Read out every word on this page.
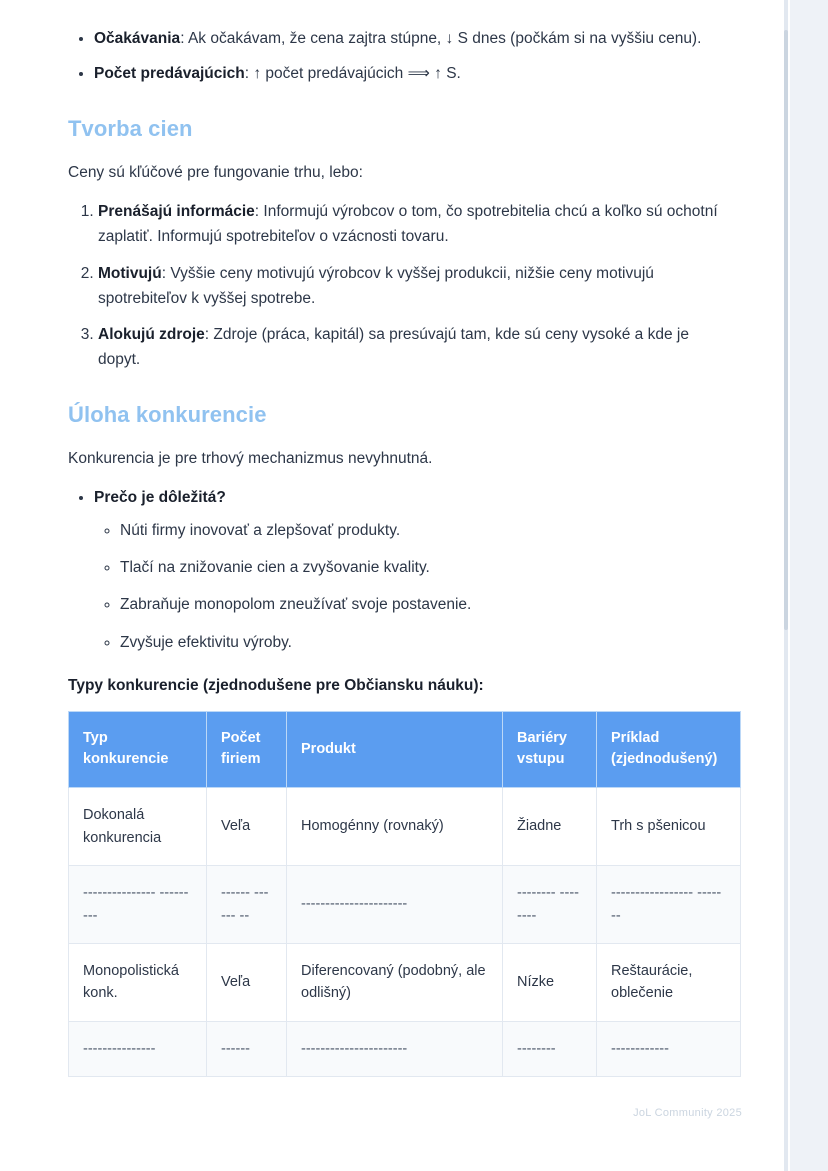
• Očakávania: Ak očakávam, že cena zajtra stúpne, ↓ S dnes (počkám si na vyššiu cenu).
• Počet predávajúcich: ↑ počet predávajúcich ⟹ ↑ S.
Tvorba cien

Ceny sú kľúčové pre fungovanie trhu, lebo:

1. Prenášajú informácie: Informujú výrobcov o tom, čo spotrebitelia chcú a koľko sú ochotní zaplatiť. Informujú spotrebiteľov o vzácnosti tovaru.
2. Motivujú: Vyššie ceny motivujú výrobcov k vyššej produkcii, nižšie ceny motivujú spotrebiteľov k vyššej spotrebe.
3. Alokujú zdroje: Zdroje (práca, kapitál) sa presúvajú tam, kde sú ceny vysoké a kde je dopyt.
Úloha konkurencie

Konkurencia je pre trhový mechanizmus nevyhnutná.

• Prečo je dôležitá?
◦ Núti firmy inovovať a zlepšovať produkty.
◦ Tlačí na znižovanie cien a zvyšovanie kvality.
◦ Zabraňuje monopolom zneužívať svoje postavenie.
◦ Zvyšuje efektivitu výroby.

Typy konkurencie (zjednodušene pre Občiansku náuku):

Typ konkurencie	Počet firiem	Produkt	Bariéry vstupu	Príklad (zjednodušený)
Dokonalá konkurencia	Veľa	Homogénny (rovnaký)	Žiadne	Trh s pšenicou
--------------- ---------	------ ------ --	----------------------	-------- --------	----------------- -------
Monopolistická konk.	Veľa	Diferencovaný (podobný, ale odlišný)	Nízke	Reštaurácie, oblečenie
---------------	------	----------------------	--------	------------
JoL Community 2025
